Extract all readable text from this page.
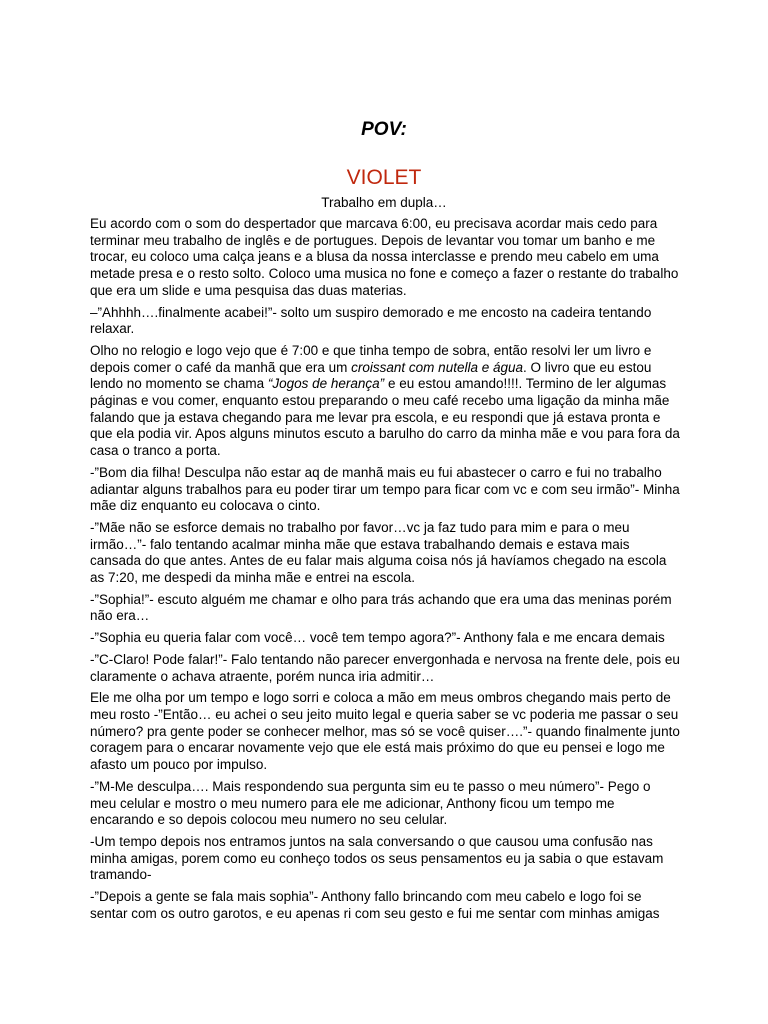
POV:
VIOLET
Trabalho em dupla…

Eu acordo com o som do despertador que marcava 6:00, eu precisava acordar mais cedo para terminar meu trabalho de inglês e de portugues. Depois de levantar vou tomar um banho e me trocar, eu coloco uma calça jeans e a blusa da nossa interclasse e prendo meu cabelo em uma metade presa e o resto solto. Coloco uma musica no fone e começo a fazer o restante do trabalho que era um slide e uma pesquisa das duas materias.

–”Ahhhh….finalmente acabei!”- solto um suspiro demorado e me encosto na cadeira tentando relaxar.

Olho no relogio e logo vejo que é 7:00 e que tinha tempo de sobra, então resolvi ler um livro e depois comer o café da manhã que era um croissant com nutella e água. O livro que eu estou lendo no momento se chama “Jogos de herança” e eu estou amando!!!!. Termino de ler algumas páginas e vou comer, enquanto estou preparando o meu café recebo uma ligação da minha mãe falando que ja estava chegando para me levar pra escola, e eu respondi que já estava pronta e que ela podia vir. Apos alguns minutos escuto a barulho do carro da minha mãe e vou para fora da casa o tranco a porta.

-”Bom dia filha! Desculpa não estar aq de manhã mais eu fui abastecer o carro e fui no trabalho adiantar alguns trabalhos para eu poder tirar um tempo para ficar com vc e com seu irmão”- Minha mãe diz enquanto eu colocava o cinto.

-”Mãe não se esforce demais no trabalho por favor…vc ja faz tudo para mim e para o meu irmão…”- falo tentando acalmar minha mãe que estava trabalhando demais e estava mais cansada do que antes. Antes de eu falar mais alguma coisa nós já havíamos chegado na escola as 7:20, me despedi da minha mãe e entrei na escola.

-”Sophia!”- escuto alguém me chamar e olho para trás achando que era uma das meninas porém não era…

-”Sophia eu queria falar com você… você tem tempo agora?”- Anthony fala e me encara demais

-”C-Claro! Pode falar!”- Falo tentando não parecer envergonhada e nervosa na frente dele, pois eu claramente o achava atraente, porém nunca iria admitir…

Ele me olha por um tempo e logo sorri e coloca a mão em meus ombros chegando mais perto de meu rosto -”Então… eu achei o seu jeito muito legal e queria saber se vc poderia me passar o seu número? pra gente poder se conhecer melhor, mas só se você quiser….”- quando finalmente junto coragem para o encarar novamente vejo que ele está mais próximo do que eu pensei e logo me afasto um pouco por impulso.

-”M-Me desculpa…. Mais respondendo sua pergunta sim eu te passo o meu número”- Pego o meu celular e mostro o meu numero para ele me adicionar, Anthony ficou um tempo me encarando e so depois colocou meu numero no seu celular.

-Um tempo depois nos entramos juntos na sala conversando o que causou uma confusão nas minha amigas, porem como eu conheço todos os seus pensamentos eu ja sabia o que estavam tramando-

-”Depois a gente se fala mais sophia”- Anthony fallo brincando com meu cabelo e logo foi se sentar com os outro garotos, e eu apenas ri com seu gesto e fui me sentar com minhas amigas
